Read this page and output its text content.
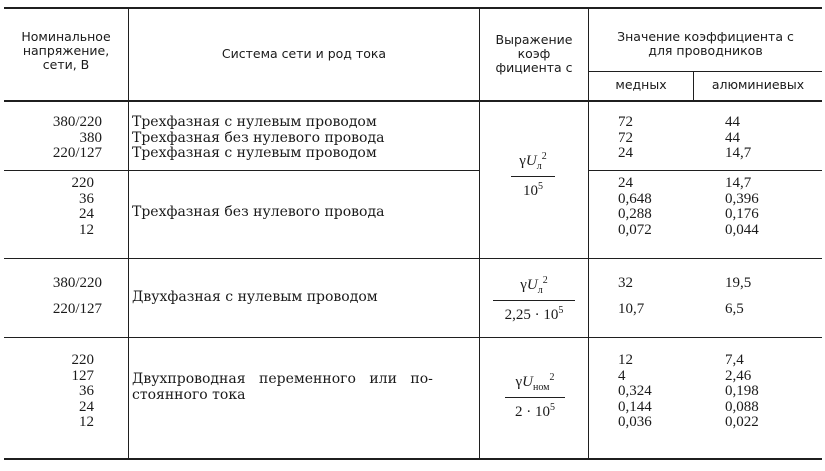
Номинальное
напряжение,
сети, В
Система сети и род тока
Выражение
коэф
фициента с
Значение коэффициента с
для проводников
медных	алюминиевых
380/220
380
220/127
Трехфазная с нулевым проводом
Трехфазная без нулевого провода
Трехфазная с нулевым проводом
72
72
24
44
44
14,7
$\gamma U_л^2$
$10^5$
220
36
24
12
Трехфазная без нулевого провода
24
0,648
0,288
0,072
14,7
0,396
0,176
0,044
380/220
220/127
Двухфазная с нулевым проводом
$\gamma U_л^2$
$2,25 \cdot 10^5$
32
10,7
19,5
6,5
220
127
36
24
12
Двухпроводная переменного или по-
стоянного тока
$\gamma U_{ном}^2$
$2 \cdot 10^5$
12
4
0,324
0,144
0,036
7,4
2,46
0,198
0,088
0,022
